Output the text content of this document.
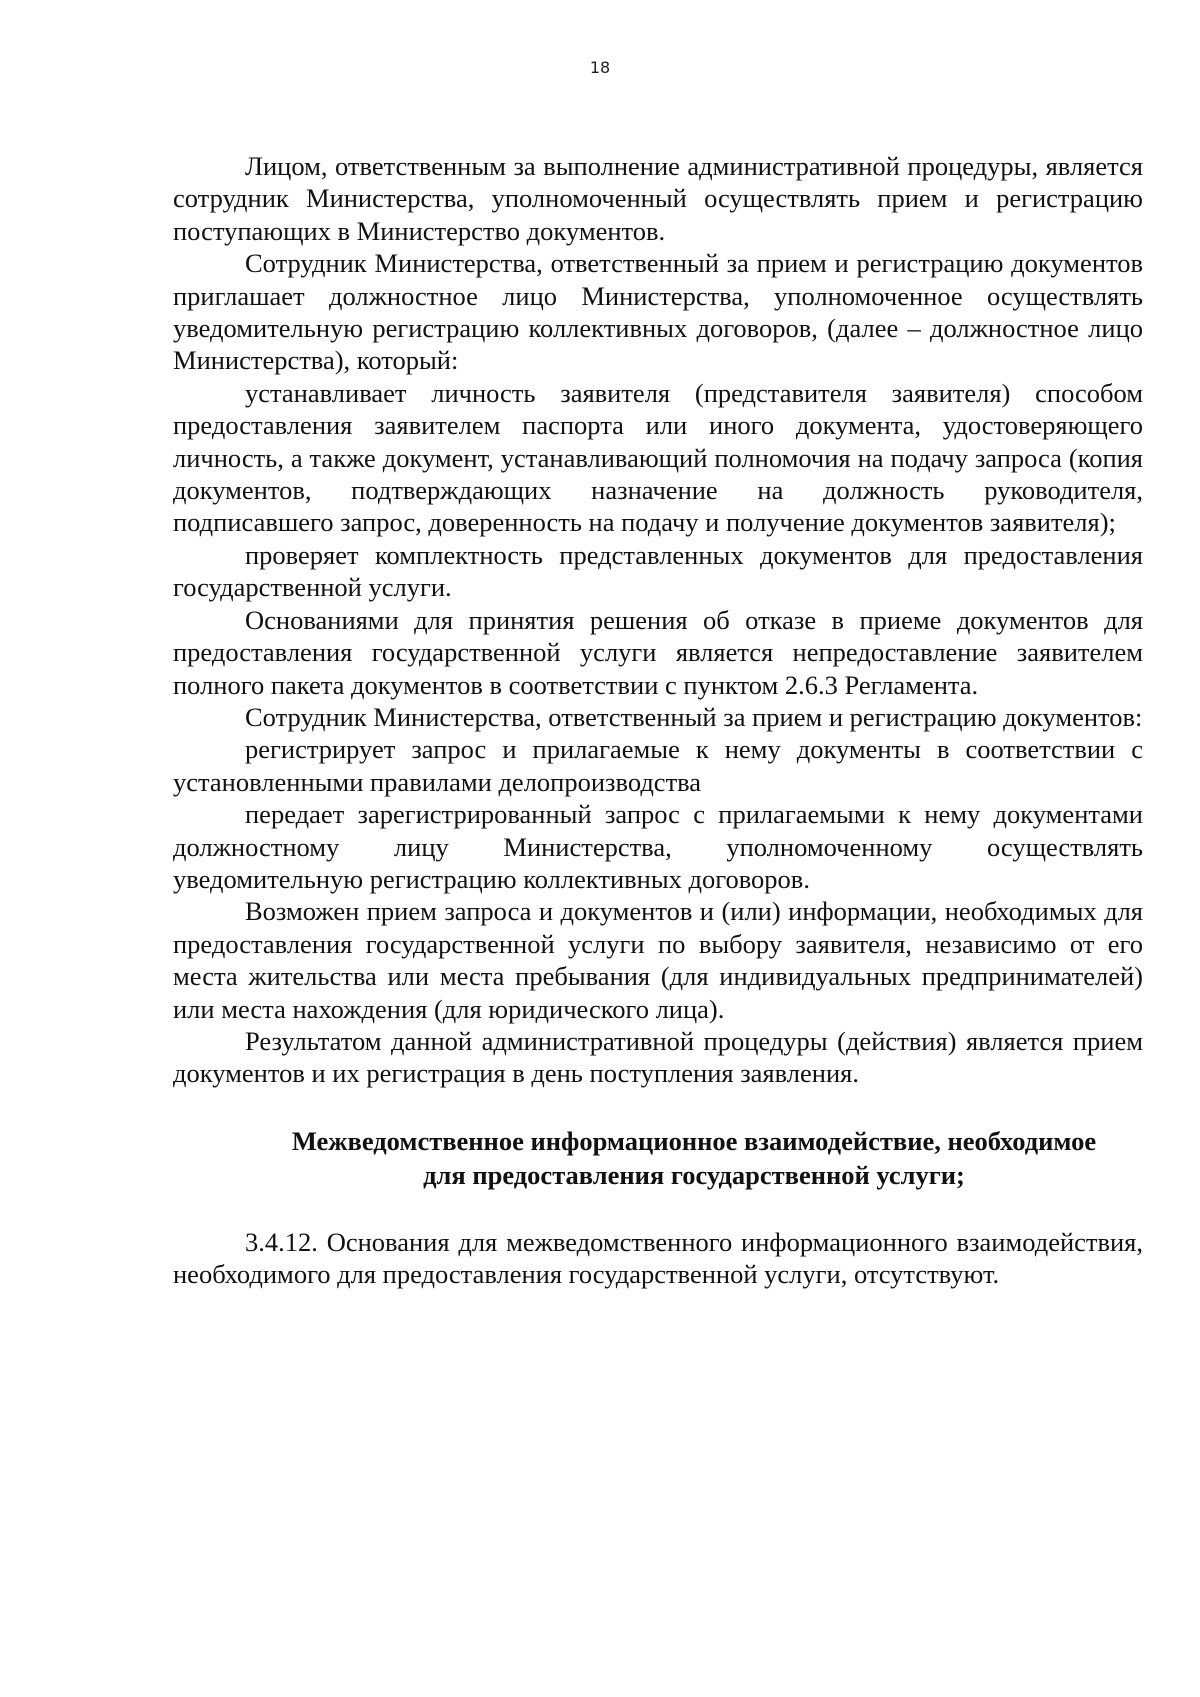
18

Лицом, ответственным за выполнение административной процедуры, является сотрудник Министерства, уполномоченный осуществлять прием и регистрацию поступающих в Министерство документов.

Сотрудник Министерства, ответственный за прием и регистрацию документов приглашает должностное лицо Министерства, уполномоченное осуществлять уведомительную регистрацию коллективных договоров, (далее – должностное лицо Министерства), который:

устанавливает личность заявителя (представителя заявителя) способом предоставления заявителем паспорта или иного документа, удостоверяющего личность, а также документ, устанавливающий полномочия на подачу запроса (копия документов, подтверждающих назначение на должность руководителя, подписавшего запрос, доверенность на подачу и получение документов заявителя);

проверяет комплектность представленных документов для предоставления государственной услуги.

Основаниями для принятия решения об отказе в приеме документов для предоставления государственной услуги является непредоставление заявителем полного пакета документов в соответствии с пунктом 2.6.3 Регламента.

Сотрудник Министерства, ответственный за прием и регистрацию документов:

регистрирует запрос и прилагаемые к нему документы в соответствии с установленными правилами делопроизводства

передает зарегистрированный запрос с прилагаемыми к нему документами должностному лицу Министерства, уполномоченному осуществлять уведомительную регистрацию коллективных договоров.

Возможен прием запроса и документов и (или) информации, необходимых для предоставления государственной услуги по выбору заявителя, независимо от его места жительства или места пребывания (для индивидуальных предпринимателей) или места нахождения (для юридического лица).

Результатом данной административной процедуры (действия) является прием документов и их регистрация в день поступления заявления.

Межведомственное информационное взаимодействие, необходимое
для предоставления государственной услуги;

3.4.12. Основания для межведомственного информационного взаимодействия, необходимого для предоставления государственной услуги, отсутствуют.
